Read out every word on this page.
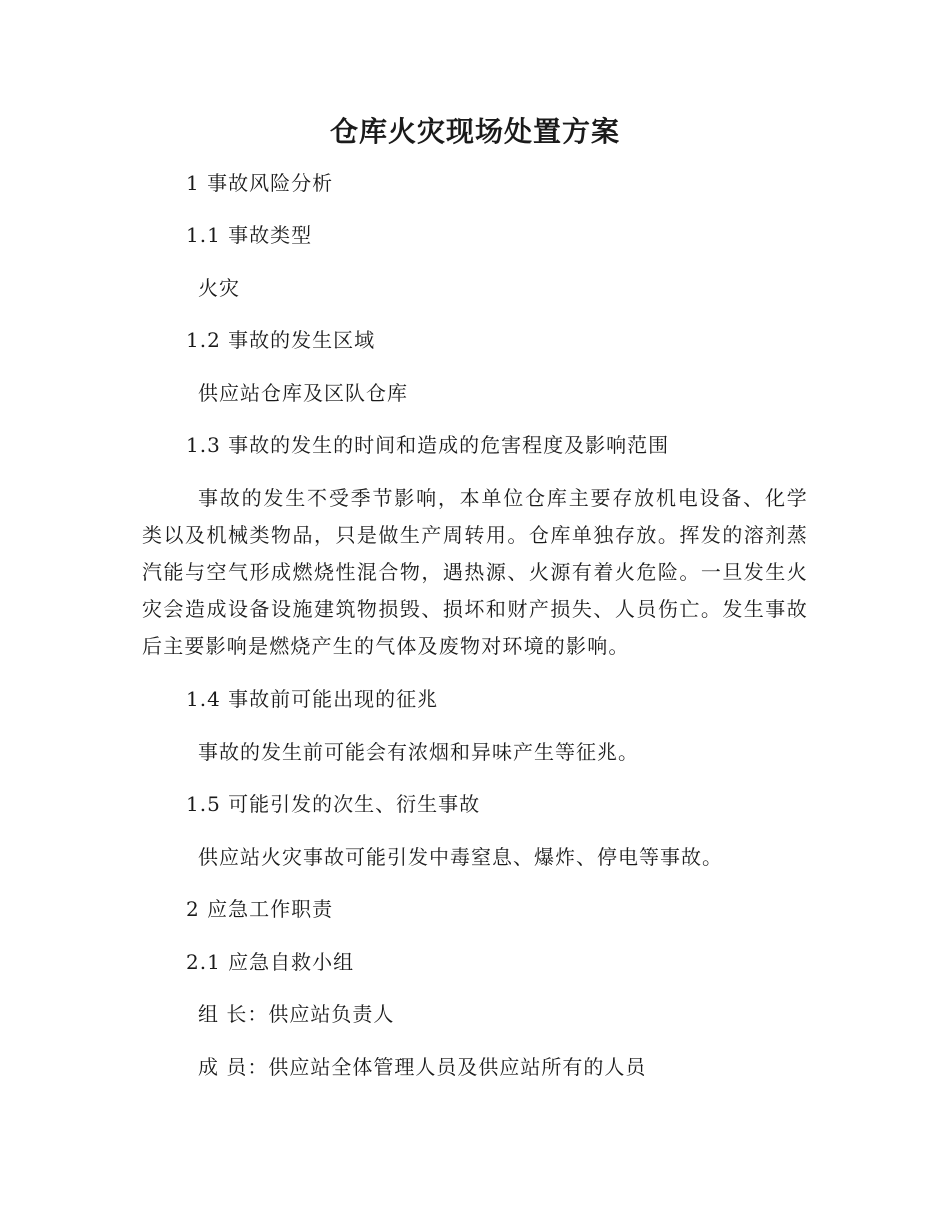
仓库火灾现场处置方案
1 事故风险分析
1.1 事故类型
火灾
1.2 事故的发生区域
供应站仓库及区队仓库
1.3 事故的发生的时间和造成的危害程度及影响范围
事故的发生不受季节影响，本单位仓库主要存放机电设备、化学类以及机械类物品，只是做生产周转用。仓库单独存放。挥发的溶剂蒸汽能与空气形成燃烧性混合物，遇热源、火源有着火危险。一旦发生火灾会造成设备设施建筑物损毁、损坏和财产损失、人员伤亡。发生事故后主要影响是燃烧产生的气体及废物对环境的影响。
1.4 事故前可能出现的征兆
事故的发生前可能会有浓烟和异味产生等征兆。
1.5 可能引发的次生、衍生事故
供应站火灾事故可能引发中毒窒息、爆炸、停电等事故。
2 应急工作职责
2.1 应急自救小组
组 长：供应站负责人
成 员：供应站全体管理人员及供应站所有的人员
